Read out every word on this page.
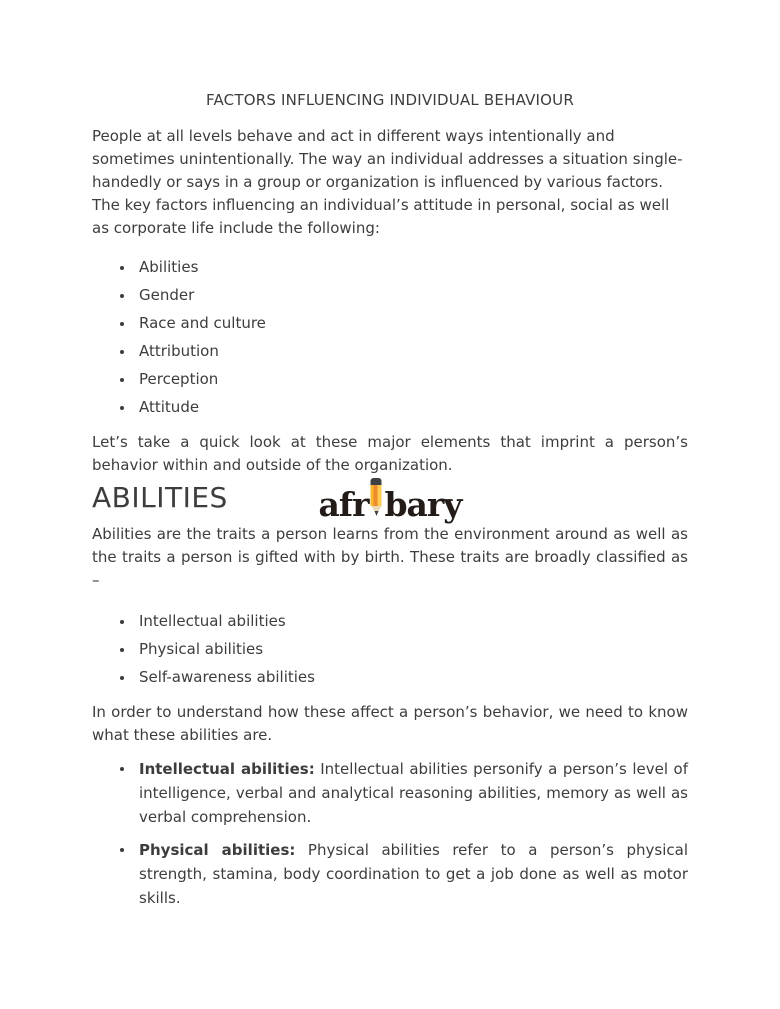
FACTORS INFLUENCING INDIVIDUAL BEHAVIOUR

People at all levels behave and act in different ways intentionally and sometimes unintentionally. The way an individual addresses a situation single-handedly or says in a group or organization is influenced by various factors. The key factors influencing an individual’s attitude in personal, social as well as corporate life include the following:

Abilities
Gender
Race and culture
Attribution
Perception
Attitude

Let’s take a quick look at these major elements that imprint a person’s behavior within and outside of the organization.

ABILITIES	afr bary

Abilities are the traits a person learns from the environment around as well as the traits a person is gifted with by birth. These traits are broadly classified as –

Intellectual abilities
Physical abilities
Self-awareness abilities

In order to understand how these affect a person’s behavior, we need to know what these abilities are.

Intellectual abilities: Intellectual abilities personify a person’s level of intelligence, verbal and analytical reasoning abilities, memory as well as verbal comprehension.

Physical abilities: Physical abilities refer to a person’s physical strength, stamina, body coordination to get a job done as well as motor skills.
